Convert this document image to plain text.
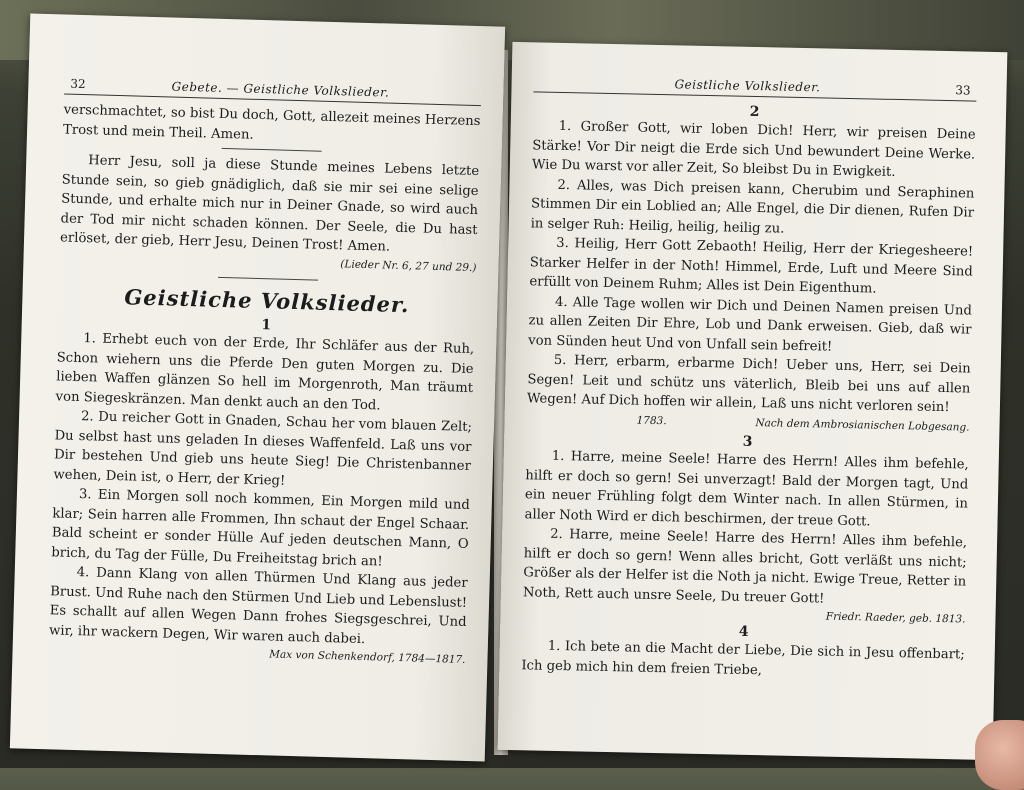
32	Gebete. — Geistliche Volkslieder.

verschmachtet, so bist Du doch, Gott, allezeit meines Herzens Trost und mein Theil. Amen.

Herr Jesu, soll ja diese Stunde meines Lebens letzte Stunde sein, so gieb gnädiglich, daß sie mir sei eine selige Stunde, und erhalte mich nur in Deiner Gnade, so wird auch der Tod mir nicht schaden können. Der Seele, die Du hast erlöset, der gieb, Herr Jesu, Deinen Trost! Amen.

(Lieder Nr. 6, 27 und 29.)
Geistliche Volkslieder.
1

1. Erhebt euch von der Erde, Ihr Schläfer aus der Ruh, Schon wiehern uns die Pferde Den guten Morgen zu. Die lieben Waffen glänzen So hell im Morgenroth, Man träumt von Siegeskränzen. Man denkt auch an den Tod.

2. Du reicher Gott in Gnaden, Schau her vom blauen Zelt; Du selbst hast uns geladen In dieses Waffenfeld. Laß uns vor Dir bestehen Und gieb uns heute Sieg! Die Christenbanner wehen, Dein ist, o Herr, der Krieg!

3. Ein Morgen soll noch kommen, Ein Morgen mild und klar; Sein harren alle Frommen, Ihn schaut der Engel Schaar. Bald scheint er sonder Hülle Auf jeden deutschen Mann, O brich, du Tag der Fülle, Du Freiheitstag brich an!

4. Dann Klang von allen Thürmen Und Klang aus jeder Brust. Und Ruhe nach den Stürmen Und Lieb und Lebenslust! Es schallt auf allen Wegen Dann frohes Siegsgeschrei, Und wir, ihr wackern Degen, Wir waren auch dabei.

Max von Schenkendorf, 1784—1817.
Geistliche Volkslieder.	33
2

1. Großer Gott, wir loben Dich! Herr, wir preisen Deine Stärke! Vor Dir neigt die Erde sich Und bewundert Deine Werke. Wie Du warst vor aller Zeit, So bleibst Du in Ewigkeit.

2. Alles, was Dich preisen kann, Cherubim und Seraphinen Stimmen Dir ein Loblied an; Alle Engel, die Dir dienen, Rufen Dir in selger Ruh: Heilig, heilig, heilig zu.

3. Heilig, Herr Gott Zebaoth! Heilig, Herr der Kriegesheere! Starker Helfer in der Noth! Himmel, Erde, Luft und Meere Sind erfüllt von Deinem Ruhm; Alles ist Dein Eigenthum.

4. Alle Tage wollen wir Dich und Deinen Namen preisen Und zu allen Zeiten Dir Ehre, Lob und Dank erweisen. Gieb, daß wir von Sünden heut Und von Unfall sein befreit!

5. Herr, erbarm, erbarme Dich! Ueber uns, Herr, sei Dein Segen! Leit und schütz uns väterlich, Bleib bei uns auf allen Wegen! Auf Dich hoffen wir allein, Laß uns nicht verloren sein!

1783.	Nach dem Ambrosianischen Lobgesang.
3

1. Harre, meine Seele! Harre des Herrn! Alles ihm befehle, hilft er doch so gern! Sei unverzagt! Bald der Morgen tagt, Und ein neuer Frühling folgt dem Winter nach. In allen Stürmen, in aller Noth Wird er dich beschirmen, der treue Gott.

2. Harre, meine Seele! Harre des Herrn! Alles ihm befehle, hilft er doch so gern! Wenn alles bricht, Gott verläßt uns nicht; Größer als der Helfer ist die Noth ja nicht. Ewige Treue, Retter in Noth, Rett auch unsre Seele, Du treuer Gott!

Friedr. Raeder, geb. 1813.
4

1. Ich bete an die Macht der Liebe, Die sich in Jesu offenbart; Ich geb mich hin dem freien Triebe,
